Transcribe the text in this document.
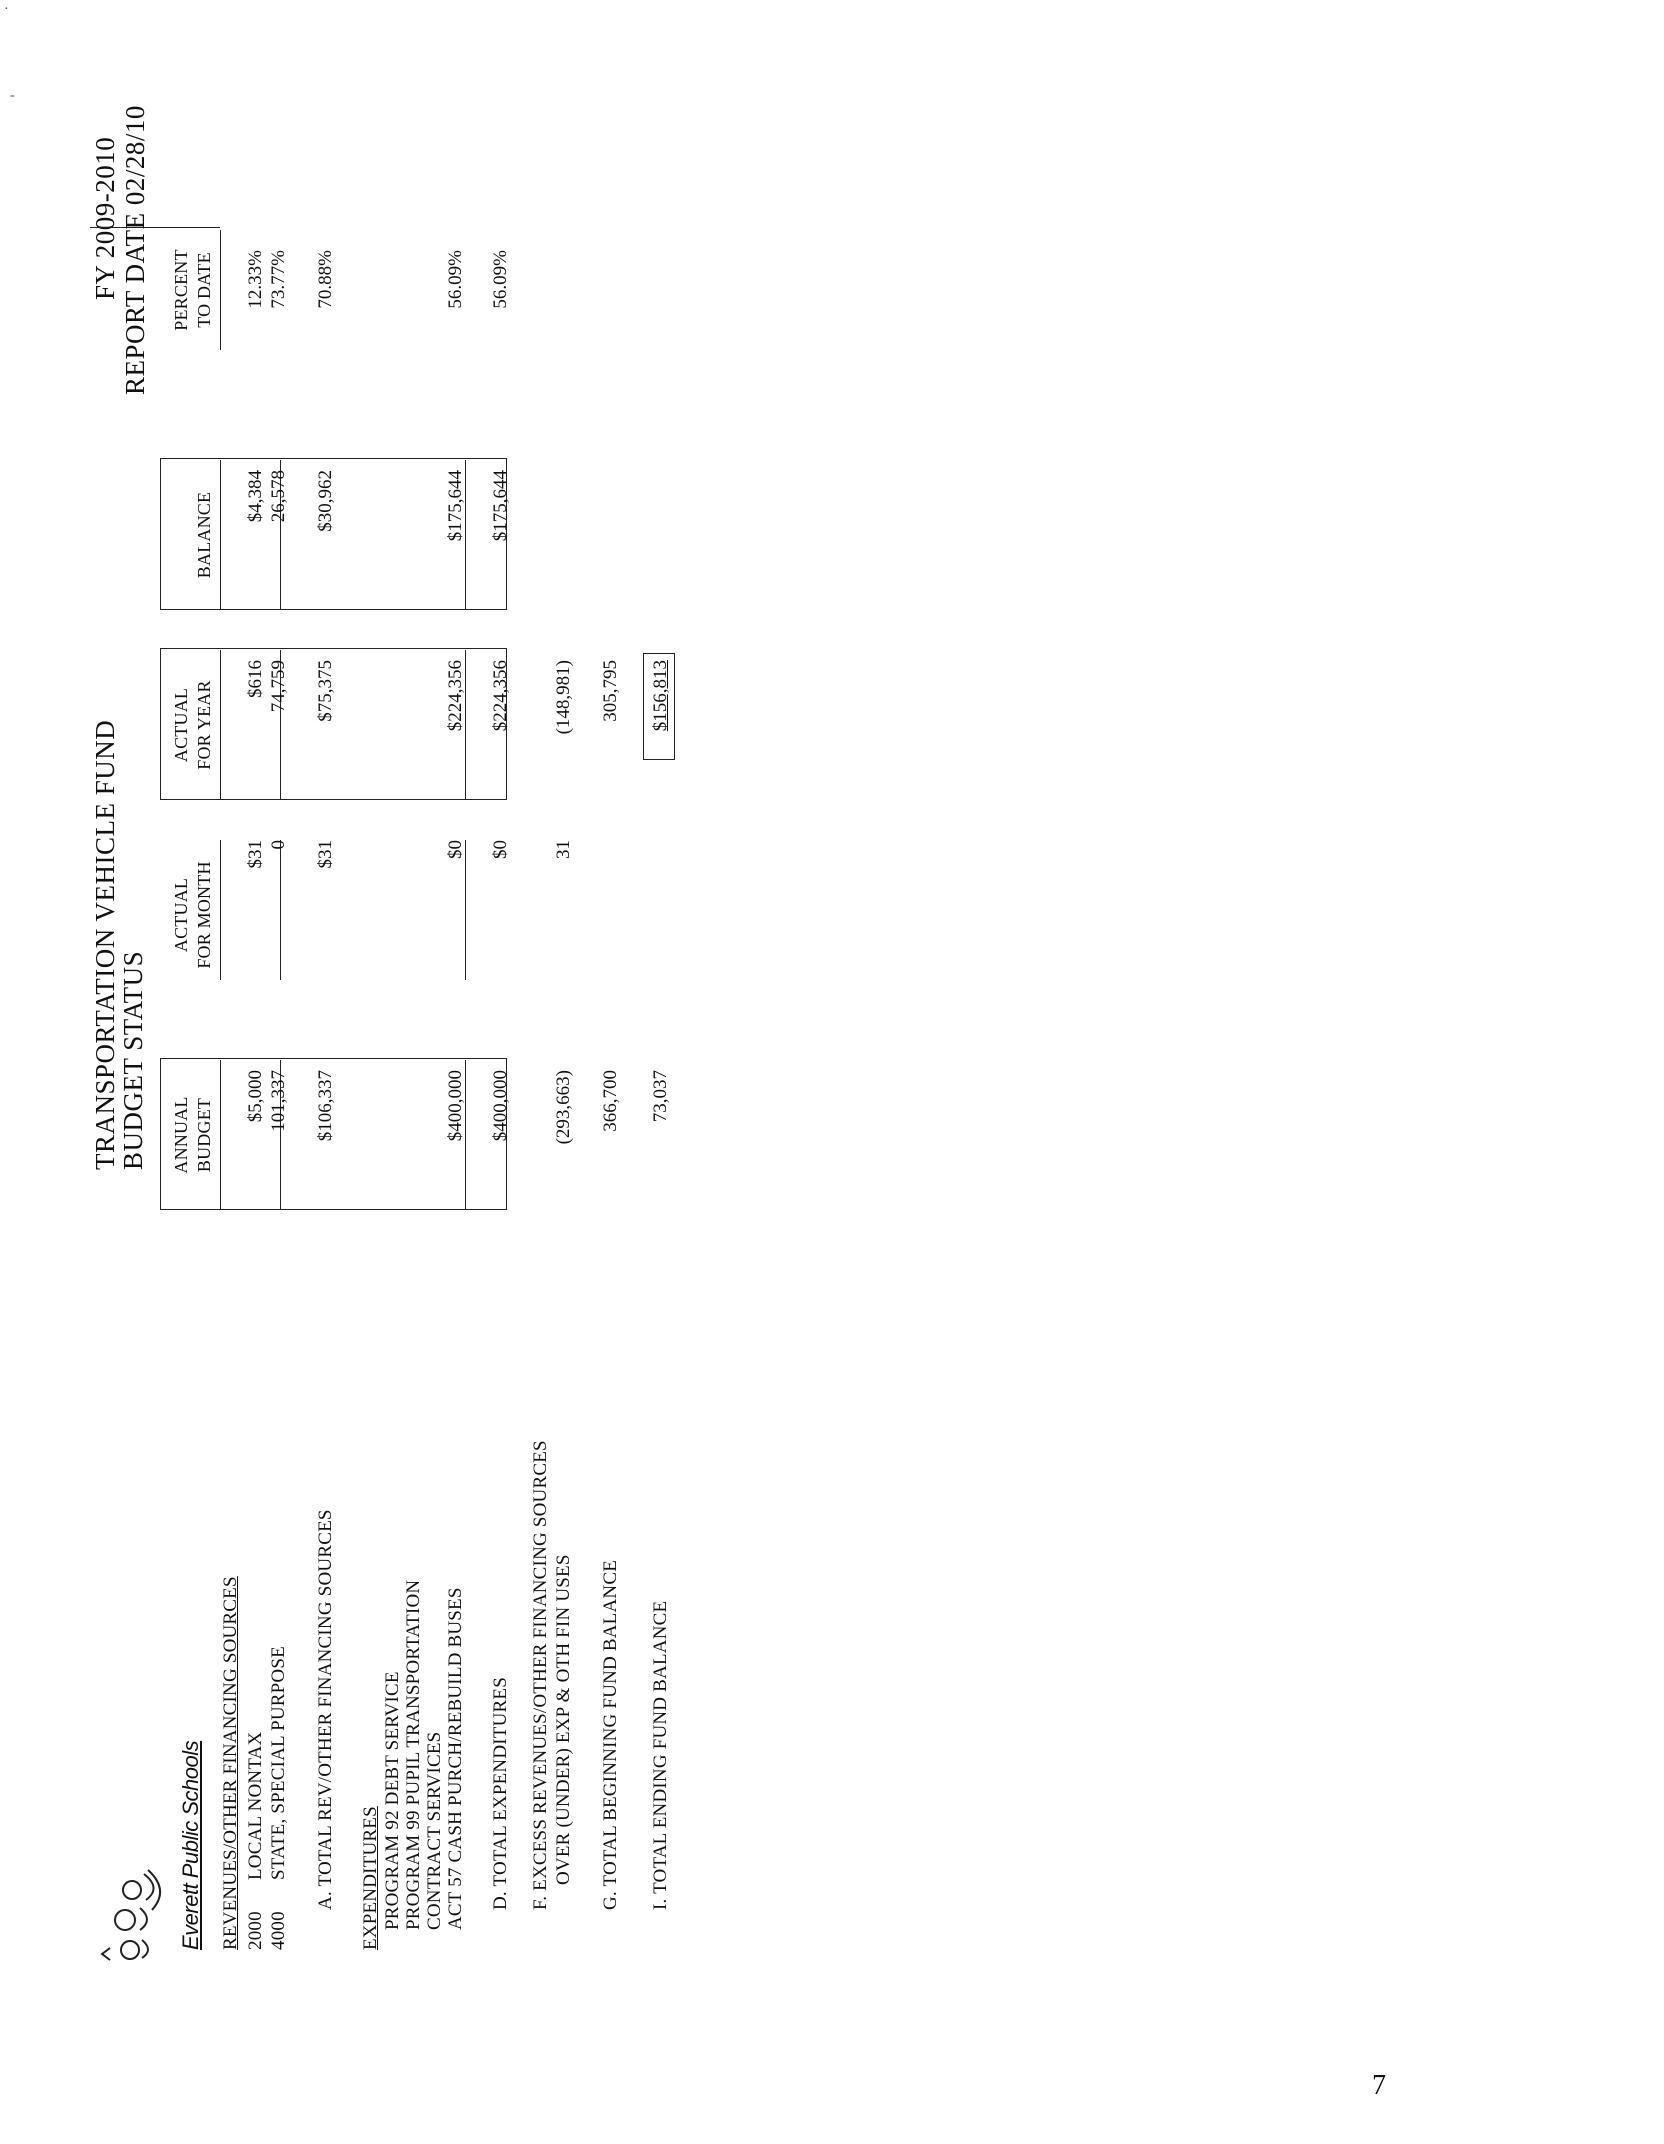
·
-
Everett Public Schools
TRANSPORTATION VEHICLE FUND
BUDGET STATUS
FY 2009-2010 REPORT DATE 02/28/10
ANNUAL BUDGET
ACTUAL FOR MONTH
ACTUAL FOR YEAR
BALANCE
PERCENT TO DATE
REVENUES/OTHER FINANCING SOURCES 2000
LOCAL NONTAX
$5,000
$31
$616
$4,384
12.33%
4000
STATE, SPECIAL PURPOSE
101,337
0
74,759
26,578
73.77%
A. TOTAL REV/OTHER FINANCING SOURCES
$106,337
$31
$75,375
$30,962
70.88%
EXPENDITURES PROGRAM 92 DEBT SERVICE PROGRAM 99 PUPIL TRANSPORTATION CONTRACT SERVICES ACT 57 CASH PURCH/REBUILD BUSES
$400,000
$0
$224,356
$175,644
56.09%
D. TOTAL EXPENDITURES
$400,000
$0
$224,356
$175,644
56.09%
F. EXCESS REVENUES/OTHER FINANCING SOURCES OVER (UNDER) EXP & OTH FIN USES
(293,663)
31
(148,981)
G. TOTAL BEGINNING FUND BALANCE
366,700
305,795
I. TOTAL ENDING FUND BALANCE
73,037
$156,813
7
